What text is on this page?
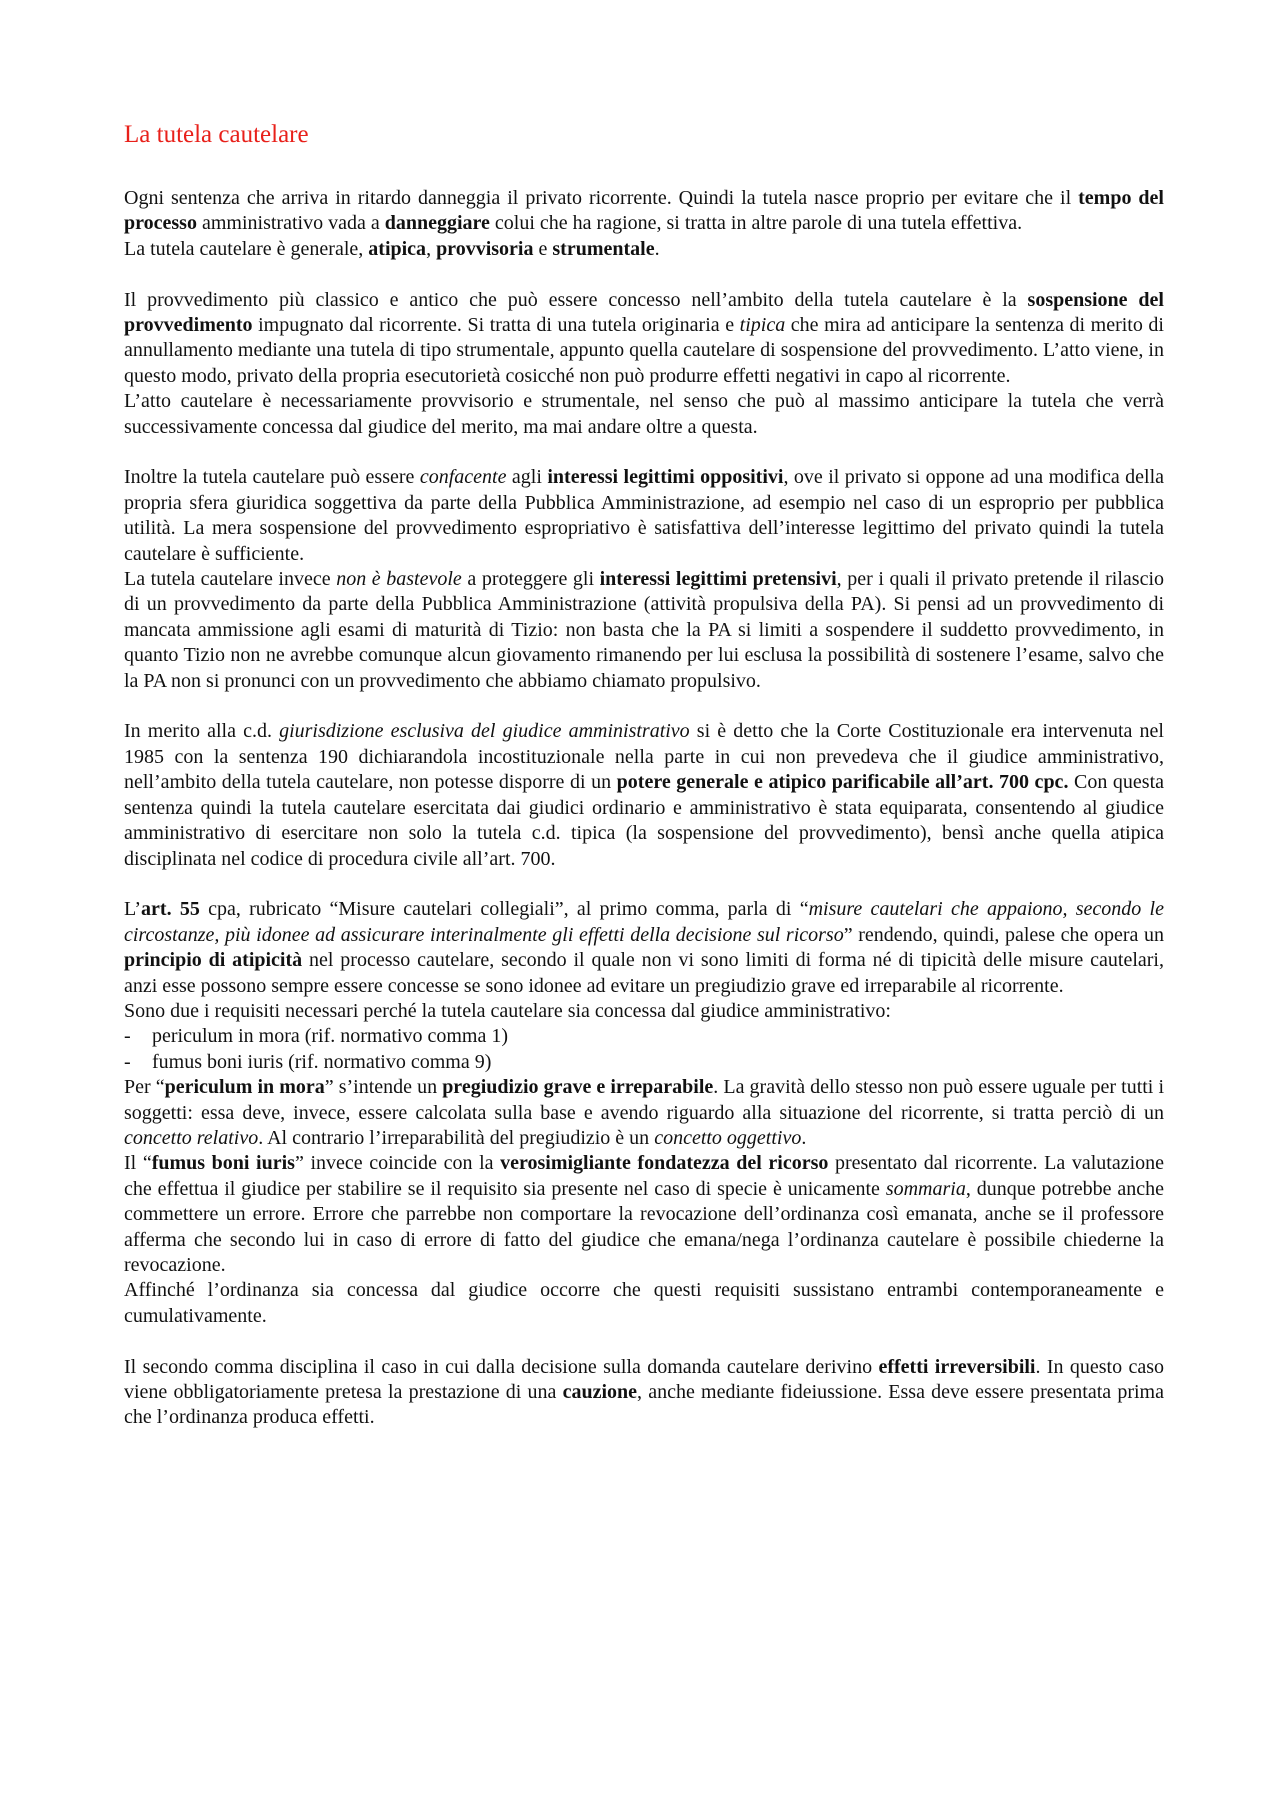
La tutela cautelare

Ogni sentenza che arriva in ritardo danneggia il privato ricorrente. Quindi la tutela nasce proprio per evitare che il tempo del processo amministrativo vada a danneggiare colui che ha ragione, si tratta in altre parole di una tutela effettiva.

La tutela cautelare è generale, atipica, provvisoria e strumentale.

Il provvedimento più classico e antico che può essere concesso nell’ambito della tutela cautelare è la sospensione del provvedimento impugnato dal ricorrente. Si tratta di una tutela originaria e tipica che mira ad anticipare la sentenza di merito di annullamento mediante una tutela di tipo strumentale, appunto quella cautelare di sospensione del provvedimento. L’atto viene, in questo modo, privato della propria esecutorietà cosicché non può produrre effetti negativi in capo al ricorrente.

L’atto cautelare è necessariamente provvisorio e strumentale, nel senso che può al massimo anticipare la tutela che verrà successivamente concessa dal giudice del merito, ma mai andare oltre a questa.

Inoltre la tutela cautelare può essere confacente agli interessi legittimi oppositivi, ove il privato si oppone ad una modifica della propria sfera giuridica soggettiva da parte della Pubblica Amministrazione, ad esempio nel caso di un esproprio per pubblica utilità. La mera sospensione del provvedimento espropriativo è satisfattiva dell’interesse legittimo del privato quindi la tutela cautelare è sufficiente.

La tutela cautelare invece non è bastevole a proteggere gli interessi legittimi pretensivi, per i quali il privato pretende il rilascio di un provvedimento da parte della Pubblica Amministrazione (attività propulsiva della PA). Si pensi ad un provvedimento di mancata ammissione agli esami di maturità di Tizio: non basta che la PA si limiti a sospendere il suddetto provvedimento, in quanto Tizio non ne avrebbe comunque alcun giovamento rimanendo per lui esclusa la possibilità di sostenere l’esame, salvo che la PA non si pronunci con un provvedimento che abbiamo chiamato propulsivo.

In merito alla c.d. giurisdizione esclusiva del giudice amministrativo si è detto che la Corte Costituzionale era intervenuta nel 1985 con la sentenza 190 dichiarandola incostituzionale nella parte in cui non prevedeva che il giudice amministrativo, nell’ambito della tutela cautelare, non potesse disporre di un potere generale e atipico parificabile all’art. 700 cpc. Con questa sentenza quindi la tutela cautelare esercitata dai giudici ordinario e amministrativo è stata equiparata, consentendo al giudice amministrativo di esercitare non solo la tutela c.d. tipica (la sospensione del provvedimento), bensì anche quella atipica disciplinata nel codice di procedura civile all’art. 700.

L’art. 55 cpa, rubricato “Misure cautelari collegiali”, al primo comma, parla di “misure cautelari che appaiono, secondo le circostanze, più idonee ad assicurare interinalmente gli effetti della decisione sul ricorso” rendendo, quindi, palese che opera un principio di atipicità nel processo cautelare, secondo il quale non vi sono limiti di forma né di tipicità delle misure cautelari, anzi esse possono sempre essere concesse se sono idonee ad evitare un pregiudizio grave ed irreparabile al ricorrente.

Sono due i requisiti necessari perché la tutela cautelare sia concessa dal giudice amministrativo:

-	periculum in mora (rif. normativo comma 1)
-	fumus boni iuris (rif. normativo comma 9)

Per “periculum in mora” s’intende un pregiudizio grave e irreparabile. La gravità dello stesso non può essere uguale per tutti i soggetti: essa deve, invece, essere calcolata sulla base e avendo riguardo alla situazione del ricorrente, si tratta perciò di un concetto relativo. Al contrario l’irreparabilità del pregiudizio è un concetto oggettivo.

Il “fumus boni iuris” invece coincide con la verosimigliante fondatezza del ricorso presentato dal ricorrente. La valutazione che effettua il giudice per stabilire se il requisito sia presente nel caso di specie è unicamente sommaria, dunque potrebbe anche commettere un errore. Errore che parrebbe non comportare la revocazione dell’ordinanza così emanata, anche se il professore afferma che secondo lui in caso di errore di fatto del giudice che emana/nega l’ordinanza cautelare è possibile chiederne la revocazione.

Affinché l’ordinanza sia concessa dal giudice occorre che questi requisiti sussistano entrambi contemporaneamente e cumulativamente.

Il secondo comma disciplina il caso in cui dalla decisione sulla domanda cautelare derivino effetti irreversibili. In questo caso viene obbligatoriamente pretesa la prestazione di una cauzione, anche mediante fideiussione. Essa deve essere presentata prima che l’ordinanza produca effetti.
